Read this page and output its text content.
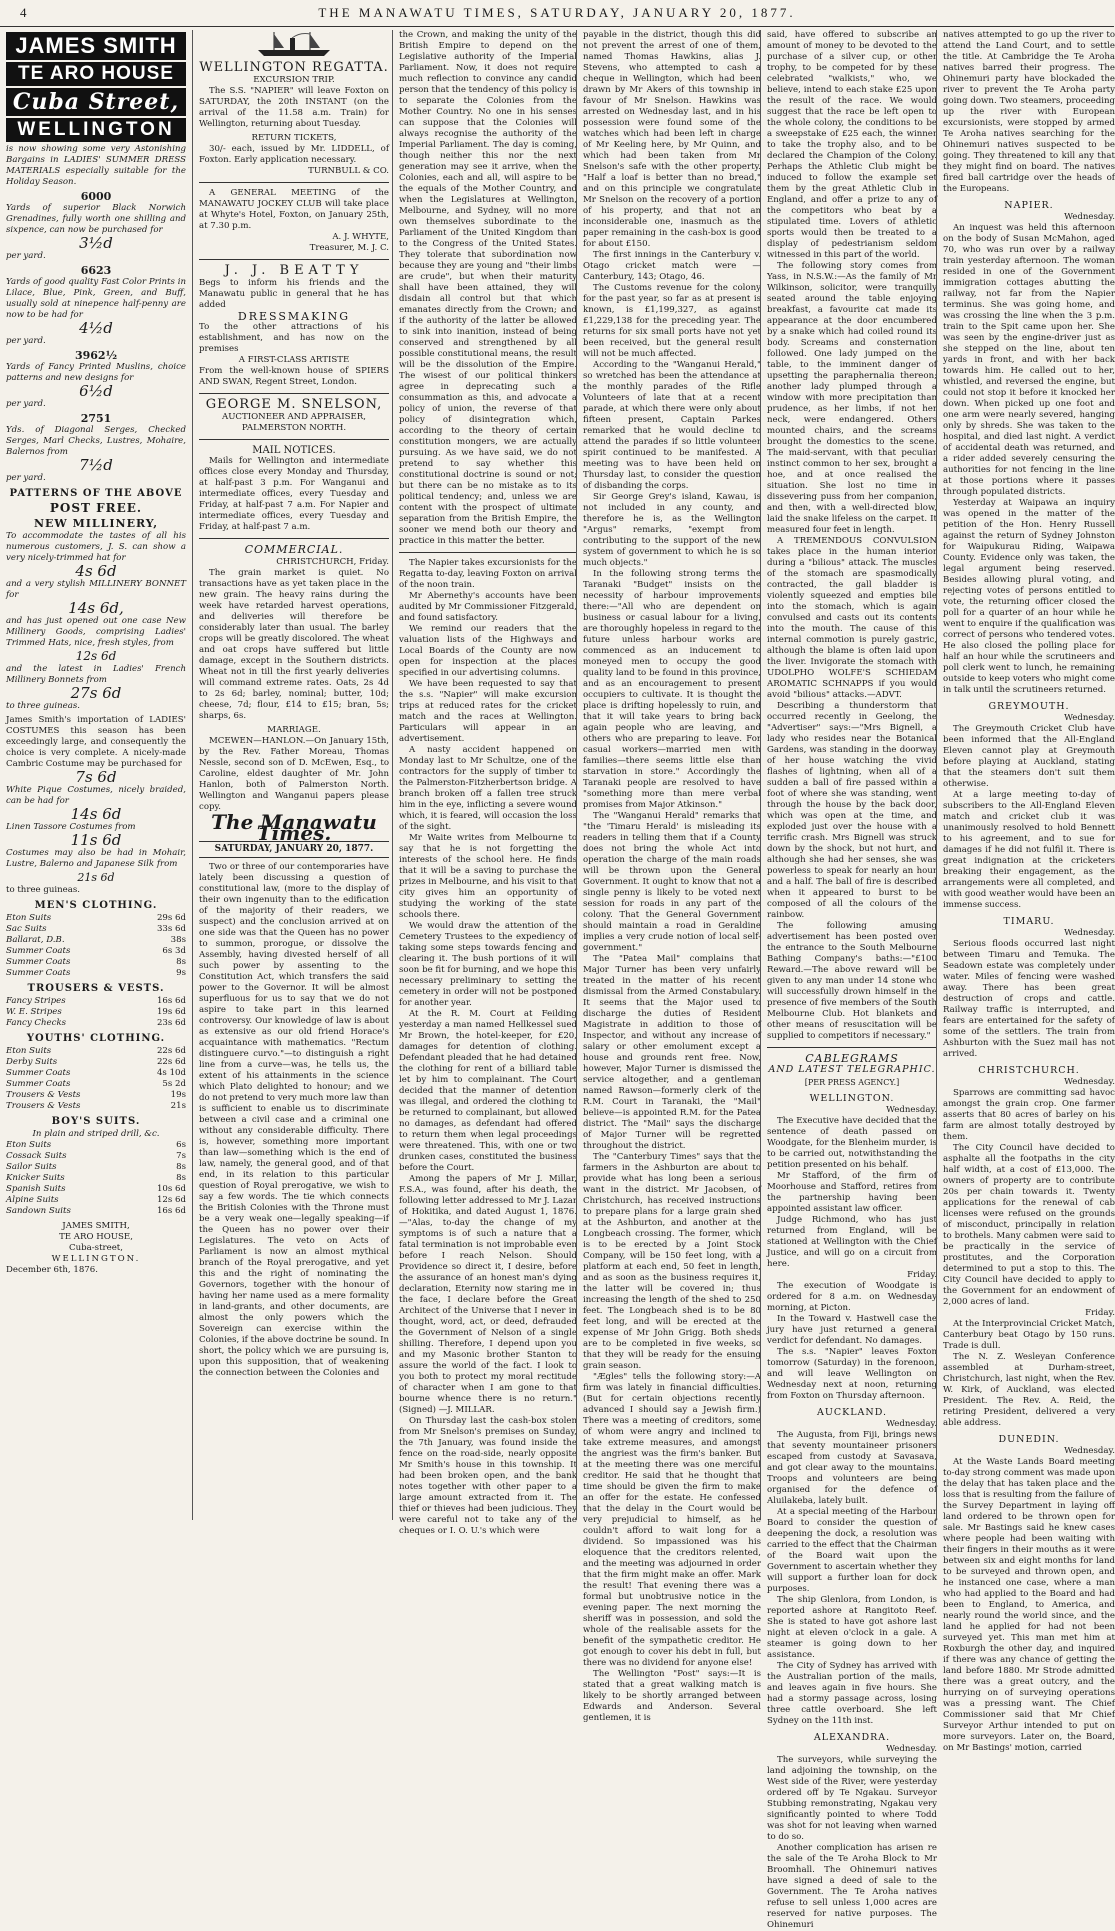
4	THE MANAWATU TIMES, SATURDAY, JANUARY 20, 1877.
JAMES SMITH
TE ARO HOUSE
Cuba Street,
WELLINGTON

is now showing some very Astonishing Bargains in LADIES' SUMMER DRESS MATERIALS especially suitable for the Holiday Season.

6000

Yards of superior Black Norwich Grenadines, fully worth one shilling and sixpence, can now be purchased for

3½d
per yard.
6623

Yards of good quality Fast Color Prints in Lilace, Blue, Pink, Green, and Buff, usually sold at ninepence half-penny are now to be had for

4½d
per yard.
3962½

Yards of Fancy Printed Muslins, choice patterns and new designs for

6½d
per yard.
2751

Yds. of Diagonal Serges, Checked Serges, Marl Checks, Lustres, Mohaire, Balernos from

7½d
per yard.
PATTERNS OF THE ABOVE
POST FREE.
NEW MILLINERY,

To accommodate the tastes of all his numerous customers, J. S. can show a very nicely-trimmed hat for

4s 6d

and a very stylish MILLINERY BONNET for

14s 6d,

and has just opened out one case New Millinery Goods, comprising Ladies' Trimmed Hats, nice, fresh styles, from

12s 6d

and the latest in Ladies' French Millinery Bonnets from

27s 6d

to three guineas.

James Smith's importation of LADIES' COSTUMES this season has been exceedingly large, and consequently the choice is very complete. A nicely-made Cambric Costume may be purchased for

7s 6d

White Pique Costumes, nicely braided, can be had for

14s 6d

Linen Tassore Costumes from

11s 6d

Costumes may also be had in Mohair, Lustre, Balerno and Japanese Silk from

21s 6d

to three guineas.

MEN'S CLOTHING.
Eton Suits	29s 6d
Sac Suits	33s 6d
Ballarat, D.B.	38s
Summer Coats	6s 3d
Summer Coats	8s
Summer Coats	9s
TROUSERS & VESTS.
Fancy Stripes	16s 6d
W. E. Stripes	19s 6d
Fancy Checks	23s 6d
YOUTHS' CLOTHING.
Eton Suits	22s 6d
Derby Suits	22s 6d
Summer Coats	4s 10d
Summer Coats	5s 2d
Trousers & Vests	19s
Trousers & Vests	21s
BOY'S SUITS.
In plain and striped drill, &c.
Eton Suits	6s
Cossack Suits	7s
Sailor Suits	8s
Knicker Suits	8s
Spanish Suits	10s 6d
Alpine Suits	12s 6d
Sandown Suits	16s 6d
JAMES SMITH,
TE ARO HOUSE,
Cuba-street,
WELLINGTON.
December 6th, 1876.
WELLINGTON REGATTA.
EXCURSION TRIP.

The S.S. "NAPIER" will leave Foxton on SATURDAY, the 20th INSTANT (on the arrival of the 11.58 a.m. Train) for Wellington, returning about Tuesday.

RETURN TICKETS,

30/- each, issued by Mr. LIDDELL, of Foxton. Early application necessary.

TURNBULL & CO.

A GENERAL MEETING of the MANAWATU JOCKEY CLUB will take place at Whyte's Hotel, Foxton, on January 25th, at 7.30 p.m.

A. J. WHYTE,
Treasurer, M. J. C.
J. J. BEATTY

Begs to inform his friends and the Manawatu public in general that he has added

DRESSMAKING

To the other attractions of his establishment, and has now on the premises

A FIRST-CLASS ARTISTE

From the well-known house of SPIERS AND SWAN, Regent Street, London.

GEORGE M. SNELSON,
AUCTIONEER AND APPRAISER,
PALMERSTON NORTH.
MAIL NOTICES.

Mails for Wellington and intermediate offices close every Monday and Thursday, at half-past 3 p.m. For Wanganui and intermediate offices, every Tuesday and Friday, at half-past 7 a.m. For Napier and intermediate offices, every Tuesday and Friday, at half-past 7 a.m.

COMMERCIAL.
CHRISTCHURCH, Friday.

The grain market is quiet. No transactions have as yet taken place in the new grain. The heavy rains during the week have retarded harvest operations, and deliveries will therefore be considerably later than usual. The barley crops will be greatly discolored. The wheat and oat crops have suffered but little damage, except in the Southern districts. Wheat not in till the first yearly deliveries will command extreme rates. Oats, 2s 4d to 2s 6d; barley, nominal; butter, 10d; cheese, 7d; flour, £14 to £15; bran, 5s; sharps, 6s.

MARRIAGE.

MCEWEN—HANLON.—On January 15th, by the Rev. Father Moreau, Thomas Nessle, second son of D. McEwen, Esq., to Caroline, eldest daughter of Mr. John Hanlon, both of Palmerston North. Wellington and Wanganui papers please copy.

The Manawatu Times.
SATURDAY, JANUARY 20, 1877.

Two or three of our contemporaries have lately been discussing a question of constitutional law, (more to the display of their own ingenuity than to the edification of the majority of their readers, we suspect) and the conclusion arrived at on one side was that the Queen has no power to summon, prorogue, or dissolve the Assembly, having divested herself of all such power by assenting to the Constitution Act, which transfers the said power to the Governor. It will be almost superfluous for us to say that we do not aspire to take part in this learned controversy. Our knowledge of law is about as extensive as our old friend Horace's acquaintance with mathematics. "Rectum distinguere curvo."—to distinguish a right line from a curve—was, he tells us, the extent of his attainments in the science which Plato delighted to honour; and we do not pretend to very much more law than is sufficient to enable us to discriminate between a civil case and a criminal one without any considerable difficulty. There is, however, something more important than law—something which is the end of law, namely, the general good, and of that end, in its relation to this particular question of Royal prerogative, we wish to say a few words. The tie which connects the British Colonies with the Throne must be a very weak one—legally speaking—if the Queen has no power over their Legislatures. The veto on Acts of Parliament is now an almost mythical branch of the Royal prerogative, and yet this and the right of nominating the Governors, together with the honour of having her name used as a mere formality in land-grants, and other documents, are almost the only powers which the Sovereign can exercise within the Colonies, if the above doctrine be sound. In short, the policy which we are pursuing is, upon this supposition, that of weakening the connection between the Colonies and

the Crown, and making the unity of the British Empire to depend on the Legislative authority of the Imperial Parliament. Now, it does not require much reflection to convince any candid person that the tendency of this policy is to separate the Colonies from the Mother Country. No one in his senses can suppose that the Colonies will always recognise the authority of the Imperial Parliament. The day is coming, though neither this nor the next generation may see it arrive, when the Colonies, each and all, will aspire to be the equals of the Mother Country, and when the Legislatures at Wellington, Melbourne, and Sydney, will no more own themselves subordinate to the Parliament of the United Kingdom than to the Congress of the United States. They tolerate that subordination now because they are young and "their limbs are crude", but when their maturity shall have been attained, they will disdain all control but that which emanates directly from the Crown; and if the authority of the latter be allowed to sink into inanition, instead of being conserved and strengthened by all possible constitutional means, the result will be the dissolution of the Empire. The wisest of our political thinkers agree in deprecating such a consummation as this, and advocate a policy of union, the reverse of that policy of disintegration which, according to the theory of certain constitution mongers, we are actually pursuing. As we have said, we do not pretend to say whether this constitutional doctrine is sound or not; but there can be no mistake as to its political tendency; and, unless we are content with the prospect of ultimate separation from the British Empire, the sooner we mend both our theory and practice in this matter the better.

The Napier takes excursionists for the Regatta to-day, leaving Foxton on arrival of the noon train.

Mr Abernethy's accounts have been audited by Mr Commissioner Fitzgerald, and found satisfactory.

We remind our readers that the valuation lists of the Highways and Local Boards of the County are now open for inspection at the places specified in our advertising columns.

We have been requested to say that the s.s. "Napier" will make excursion trips at reduced rates for the cricket match and the races at Wellington. Particulars will appear in an advertisement.

A nasty accident happened on Monday last to Mr Schultze, one of the contractors for the supply of timber to the Palmerston-Fitzherbertson bridge. A branch broken off a fallen tree struck him in the eye, inflicting a severe wound which, it is feared, will occasion the loss of the sight.

Mr Waite writes from Melbourne to say that he is not forgetting the interests of the school here. He finds that it will be a saving to purchase the prizes in Melbourne, and his visit to that city gives him an opportunity of studying the working of the state schools there.

We would draw the attention of the Cemetery Trustees to the expediency of taking some steps towards fencing and clearing it. The bush portions of it will soon be fit for burning, and we hope this necessary preliminary to setting the cemetery in order will not be postponed for another year.

At the R. M. Court at Feilding yesterday a man named Hellkessel sued Mr Brown, the hotel-keeper, for £20, damages for detention of clothing. Defendant pleaded that he had detained the clothing for rent of a billiard table let by him to complainant. The Court decided that the manner of detention was illegal, and ordered the clothing to be returned to complainant, but allowed no damages, as defendant had offered to return them when legal proceedings were threatened. This, with one or two drunken cases, constituted the business before the Court.

Among the papers of Mr J. Millar, F.S.A., was found, after his death, the following letter addressed to Mr J. Lazar of Hokitika, and dated August 1, 1876.—"Alas, to-day the change of my symptoms is of such a nature that a fatal termination is not improbable even before I reach Nelson. Should Providence so direct it, I desire, before the assurance of an honest man's dying declaration, Eternity now staring me in the face, I declare before the Great Architect of the Universe that I never in thought, word, act, or deed, defrauded the Government of Nelson of a single shilling. Therefore, I depend upon you and my Masonic brother Stanton to assure the world of the fact. I look to you both to protect my moral rectitude of character when I am gone to that bourne whence there is no return." (Signed) —J. MILLAR.

On Thursday last the cash-box stolen from Mr Snelson's premises on Sunday, the 7th January, was found inside the fence on the road-side, nearly opposite Mr Smith's house in this township. It had been broken open, and the bank notes together with other paper to a large amount extracted from it. The thief or thieves had been judicious. They were careful not to take any of the cheques or I. O. U.'s which were

payable in the district, though this did not prevent the arrest of one of them, named Thomas Hawkins, alias J. Stevens, who attempted to cash a cheque in Wellington, which had been drawn by Mr Akers of this township in favour of Mr Snelson. Hawkins was arrested on Wednesday last, and in his possession were found some of the watches which had been left in charge of Mr Keeling here, by Mr Quinn, and which had been taken from Mr Snelson's safe with the other property. "Half a loaf is better than no bread," and on this principle we congratulate Mr Snelson on the recovery of a portion of his property, and that not an inconsiderable one, inasmuch as the paper remaining in the cash-box is good for about £150.

The first innings in the Canterbury v. Otago cricket match were — Canterbury, 143; Otago, 46.

The Customs revenue for the colony for the past year, so far as at present is known, is £1,199,327, as against £1,229,138 for the preceding year. The returns for six small ports have not yet been received, but the general result will not be much affected.

According to the "Wanganui Herald," so wretched has been the attendance at the monthly parades of the Rifle Volunteers of late that at a recent parade, at which there were only about fifteen present, Captain Parkes remarked that he would decline to attend the parades if so little volunteer spirit continued to be manifested. A meeting was to have been held on Thursday last, to consider the question of disbanding the corps.

Sir George Grey's island, Kawau, is not included in any county, and therefore he is, as the Wellington "Argus" remarks, "exempt from contributing to the support of the new system of government to which he is so much objects."

In the following strong terms the Taranaki "Budget" insists on the necessity of harbour improvements there:—"All who are dependent on business or casual labour for a living, are thoroughly hopeless in regard to the future unless harbour works are commenced as an inducement to moneyed men to occupy the good quality land to be found in this province, and as an encouragement to present occupiers to cultivate. It is thought the place is drifting hopelessly to ruin, and that it will take years to bring back again people who are leaving, and others who are preparing to leave. For casual workers—married men with families—there seems little else than starvation in store." Accordingly the Taranaki people are resolved to have "something more than mere verbal promises from Major Atkinson."

The "Wanganui Herald" remarks that "the 'Timaru Herald' is misleading its readers in telling them that if a County does not bring the whole Act into operation the charge of the main roads will be thrown upon the General Government. It ought to know that not a single penny is likely to be voted next session for roads in any part of the colony. That the General Government should maintain a road in Geraldine implies a very crude notion of local self-government."

The "Patea Mail" complains that Major Turner has been very unfairly treated in the matter of his recent dismissal from the Armed Constabulary. It seems that the Major used to discharge the duties of Resident Magistrate in addition to those of Inspector, and without any increase of salary or other emolument except a house and grounds rent free. Now, however, Major Turner is dismissed the service altogether, and a gentleman named Rawson—formerly clerk of the R.M. Court in Taranaki, the "Mail" believe—is appointed R.M. for the Patea district. The "Mail" says the discharge of Major Turner will be regretted throughout the district.

The "Canterbury Times" says that the farmers in the Ashburton are about to provide what has long been a serious want in the district. Mr Jacobsen, of Christchurch, has received instructions to prepare plans for a large grain shed at the Ashburton, and another at the Longbeach crossing. The former, which is to be erected by a Joint Stock Company, will be 150 feet long, with a platform at each end, 50 feet in length, and as soon as the business requires it, the latter will be covered in; thus increasing the length of the shed to 250 feet. The Longbeach shed is to be 80 feet long, and will be erected at the expense of Mr John Grigg. Both sheds are to be completed in five weeks, so that they will be ready for the ensuing grain season.

"Ægles" tells the following story:—A firm was lately in financial difficulties. (But for certain objections recently advanced I should say a Jewish firm.) There was a meeting of creditors, some of whom were angry and inclined to take extreme measures, and amongst the angriest was the firm's banker. But at the meeting there was one merciful creditor. He said that he thought that time should be given the firm to make an offer for the estate. He confessed that the delay in the Court would be very prejudicial to himself, as he couldn't afford to wait long for a dividend. So impassioned was his eloquence that the creditors relented, and the meeting was adjourned in order that the firm might make an offer. Mark the result! That evening there was a formal but unobtrusive notice in the evening paper. The next morning the sheriff was in possession, and sold the whole of the realisable assets for the benefit of the sympathetic creditor. He got enough to cover his debt in full, but there was no dividend for anyone else!

The Wellington "Post" says:—It is stated that a great walking match is likely to be shortly arranged between Edwards and Anderson. Several gentlemen, it is

said, have offered to subscribe an amount of money to be devoted to the purchase of a silver cup, or other trophy, to be competed for by these celebrated "walkists," who, we believe, intend to each stake £25 upon the result of the race. We would suggest that the race be left open to the whole colony, the conditions to be a sweepstake of £25 each, the winner to take the trophy also, and to be declared the Champion of the Colony. Perhaps the Athletic Club might be induced to follow the example set them by the great Athletic Club in England, and offer a prize to any of the competitors who beat by a stipulated time. Lovers of athletic sports would then be treated to a display of pedestrianism seldom witnessed in this part of the world.

The following story comes from Yass, in N.S.W.:—As the family of Mr Wilkinson, solicitor, were tranquilly seated around the table enjoying breakfast, a favourite cat made its appearance at the door encumbered by a snake which had coiled round its body. Screams and consternation followed. One lady jumped on the table, to the imminent danger of upsetting the paraphernalia thereon; another lady plumped through a window with more precipitation than prudence, as her limbs, if not her neck, were endangered. Others mounted chairs, and the screams brought the domestics to the scene. The maid-servant, with that peculiar instinct common to her sex, brought a hoe, and at once realised the situation. She lost no time in dissevering puss from her companion, and then, with a well-directed blow, laid the snake lifeless on the carpet. It measured four feet in length.

A TREMENDOUS CONVULSION takes place in the human interior during a "bilious" attack. The muscles of the stomach are spasmodically contracted, the gall bladder is violently squeezed and empties bile into the stomach, which is again convulsed and casts out its contents into the mouth. The cause of this internal commotion is purely gastric, although the blame is often laid upon the liver. Invigorate the stomach with UDOLPHO WOLFE'S SCHIEDAM AROMATIC SCHNAPPS if you would avoid "bilious" attacks.—ADVT.

Describing a thunderstorm that occurred recently in Geelong, the "Advertiser" says:—"Mrs Bignell, a lady who resides near the Botanical Gardens, was standing in the doorway of her house watching the vivid flashes of lightning, when all of a sudden a ball of fire passed within a foot of where she was standing, went through the house by the back door, which was open at the time, and exploded just over the house with a terrific crash. Mrs Bignell was struck down by the shock, but not hurt, and although she had her senses, she was powerless to speak for nearly an hour and a half. The ball of fire is described when it appeared to burst to be composed of all the colours of the rainbow.

The following amusing advertisement has been posted over the entrance to the South Melbourne Bathing Company's baths:—"£100 Reward.—The above reward will be given to any man under 14 stone who will successfully drown himself in the presence of five members of the South Melbourne Club. Hot blankets and other means of resuscitation will be supplied to competitors if necessary."

CABLEGRAMS
AND LATEST TELEGRAPHIC.
[PER PRESS AGENCY.]
WELLINGTON.
Wednesday.

The Executive have decided that the sentence of death passed on Woodgate, for the Blenheim murder, is to be carried out, notwithstanding the petition presented on his behalf.

Mr Stafford, of the firm of Moorhouse and Stafford, retires from the partnership having been appointed assistant law officer.

Judge Richmond, who has just returned from England, will be stationed at Wellington with the Chief Justice, and will go on a circuit from here.

Friday.

The execution of Woodgate is ordered for 8 a.m. on Wednesday morning, at Picton.

In the Toward v. Hastwell case the jury have just returned a general verdict for defendant. No damages.

The s.s. "Napier" leaves Foxton tomorrow (Saturday) in the forenoon, and will leave Wellington on Wednesday next at noon, returning from Foxton on Thursday afternoon.

AUCKLAND.
Wednesday.

The Augusta, from Fiji, brings news that seventy mountaineer prisoners escaped from custody at Savasava, and got clear away to the mountains. Troops and volunteers are being organised for the defence of Aluilakeba, lately built.

At a special meeting of the Harbour Board to consider the question of deepening the dock, a resolution was carried to the effect that the Chairman of the Board wait upon the Government to ascertain whether they will support a further loan for dock purposes.

The ship Glenlora, from London, is reported ashore at Rangitoto Reef. She is stated to have got ashore last night at eleven o'clock in a gale. A steamer is going down to her assistance.

The City of Sydney has arrived with the Australian portion of the mails, and leaves again in five hours. She had a stormy passage across, losing three cattle overboard. She left Sydney on the 11th inst.

ALEXANDRA.
Wednesday.

The surveyors, while surveying the land adjoining the township, on the West side of the River, were yesterday ordered off by Te Ngakau. Surveyor Stubbing remonstrating, Ngakau very significantly pointed to where Todd was shot for not leaving when warned to do so.

Another complication has arisen re the sale of the Te Aroha Block to Mr Broomhall. The Ohinemuri natives have signed a deed of sale to the Government. The Te Aroha natives refuse to sell unless 1,000 acres are reserved for native purposes. The Ohinemuri

natives attempted to go up the river to attend the Land Court, and to settle the title. At Cambridge the Te Aroha natives barred their progress. The Ohinemuri party have blockaded the river to prevent the Te Aroha party going down. Two steamers, proceeding up the river with European excursionists, were stopped by armed Te Aroha natives searching for the Ohinemuri natives suspected to be going. They threatened to kill any that they might find on board. The natives fired ball cartridge over the heads of the Europeans.

NAPIER.
Wednesday.

An inquest was held this afternoon on the body of Susan McMahon, aged 70, who was run over by a railway train yesterday afternoon. The woman resided in one of the Government immigration cottages abutting the railway, not far from the Napier terminus. She was going home, and was crossing the line when the 3 p.m. train to the Spit came upon her. She was seen by the engine-driver just as she stepped on the line, about ten yards in front, and with her back towards him. He called out to her, whistled, and reversed the engine, but could not stop it before it knocked her down. When picked up one foot and one arm were nearly severed, hanging only by shreds. She was taken to the hospital, and died last night. A verdict of accidental death was returned, and a rider added severely censuring the authorities for not fencing in the line at those portions where it passes through populated districts.

Yesterday at Waipawa an inquiry was opened in the matter of the petition of the Hon. Henry Russell against the return of Sydney Johnston for Waipukurau Riding, Waipawa County. Evidence only was taken, the legal argument being reserved. Besides allowing plural voting, and rejecting votes of persons entitled to vote, the returning officer closed the poll for a quarter of an hour while he went to enquire if the qualification was correct of persons who tendered votes. He also closed the polling place for half an hour while the scrutineers and poll clerk went to lunch, he remaining outside to keep voters who might come in talk until the scrutineers returned.

GREYMOUTH.
Wednesday.

The Greymouth Cricket Club have been informed that the All-England Eleven cannot play at Greymouth before playing at Auckland, stating that the steamers don't suit them otherwise.

At a large meeting to-day of subscribers to the All-England Eleven match and cricket club it was unanimously resolved to hold Bennett to his agreement, and to sue for damages if he did not fulfil it. There is great indignation at the cricketers breaking their engagement, as the arrangements were all completed, and with good weather would have been an immense success.

TIMARU.
Wednesday.

Serious floods occurred last night between Timaru and Temuka. The Seadown estate was completely under water. Miles of fencing were washed away. There has been great destruction of crops and cattle. Railway traffic is interrupted, and fears are entertained for the safety of some of the settlers. The train from Ashburton with the Suez mail has not arrived.

CHRISTCHURCH.
Wednesday.

Sparrows are committing sad havoc amongst the grain crop. One farmer asserts that 80 acres of barley on his farm are almost totally destroyed by them.

The City Council have decided to asphalte all the footpaths in the city half width, at a cost of £13,000. The owners of property are to contribute 20s per chain towards it. Twenty applications for the renewal of cab licenses were refused on the grounds of misconduct, principally in relation to brothels. Many cabmen were said to be practically in the service of prostitutes, and the Corporation determined to put a stop to this. The City Council have decided to apply to the Government for an endowment of 2,000 acres of land.

Friday.

At the Interprovincial Cricket Match, Canterbury beat Otago by 150 runs. Trade is dull.

The N. Z. Wesleyan Conference assembled at Durham-street, Christchurch, last night, when the Rev. W. Kirk, of Auckland, was elected President. The Rev. A. Reid, the retiring President, delivered a very able address.

DUNEDIN.
Wednesday.

At the Waste Lands Board meeting to-day strong comment was made upon the delay that has taken place and the loss that is resulting from the failure of the Survey Department in laying off land ordered to be thrown open for sale. Mr Bastings said he knew cases where people had been waiting with their fingers in their mouths as it were between six and eight months for land to be surveyed and thrown open, and he instanced one case, where a man who had applied to the Board and had been to England, to America, and nearly round the world since, and the land he applied for had not been surveyed yet. This man met him at Roxburgh the other day, and inquired if there was any chance of getting the land before 1880. Mr Strode admitted there was a great outcry, and the hurrying on of surveying operations was a pressing want. The Chief Commissioner said that Mr Chief Surveyor Arthur intended to put on more surveyors. Later on, the Board, on Mr Bastings' motion, carried
